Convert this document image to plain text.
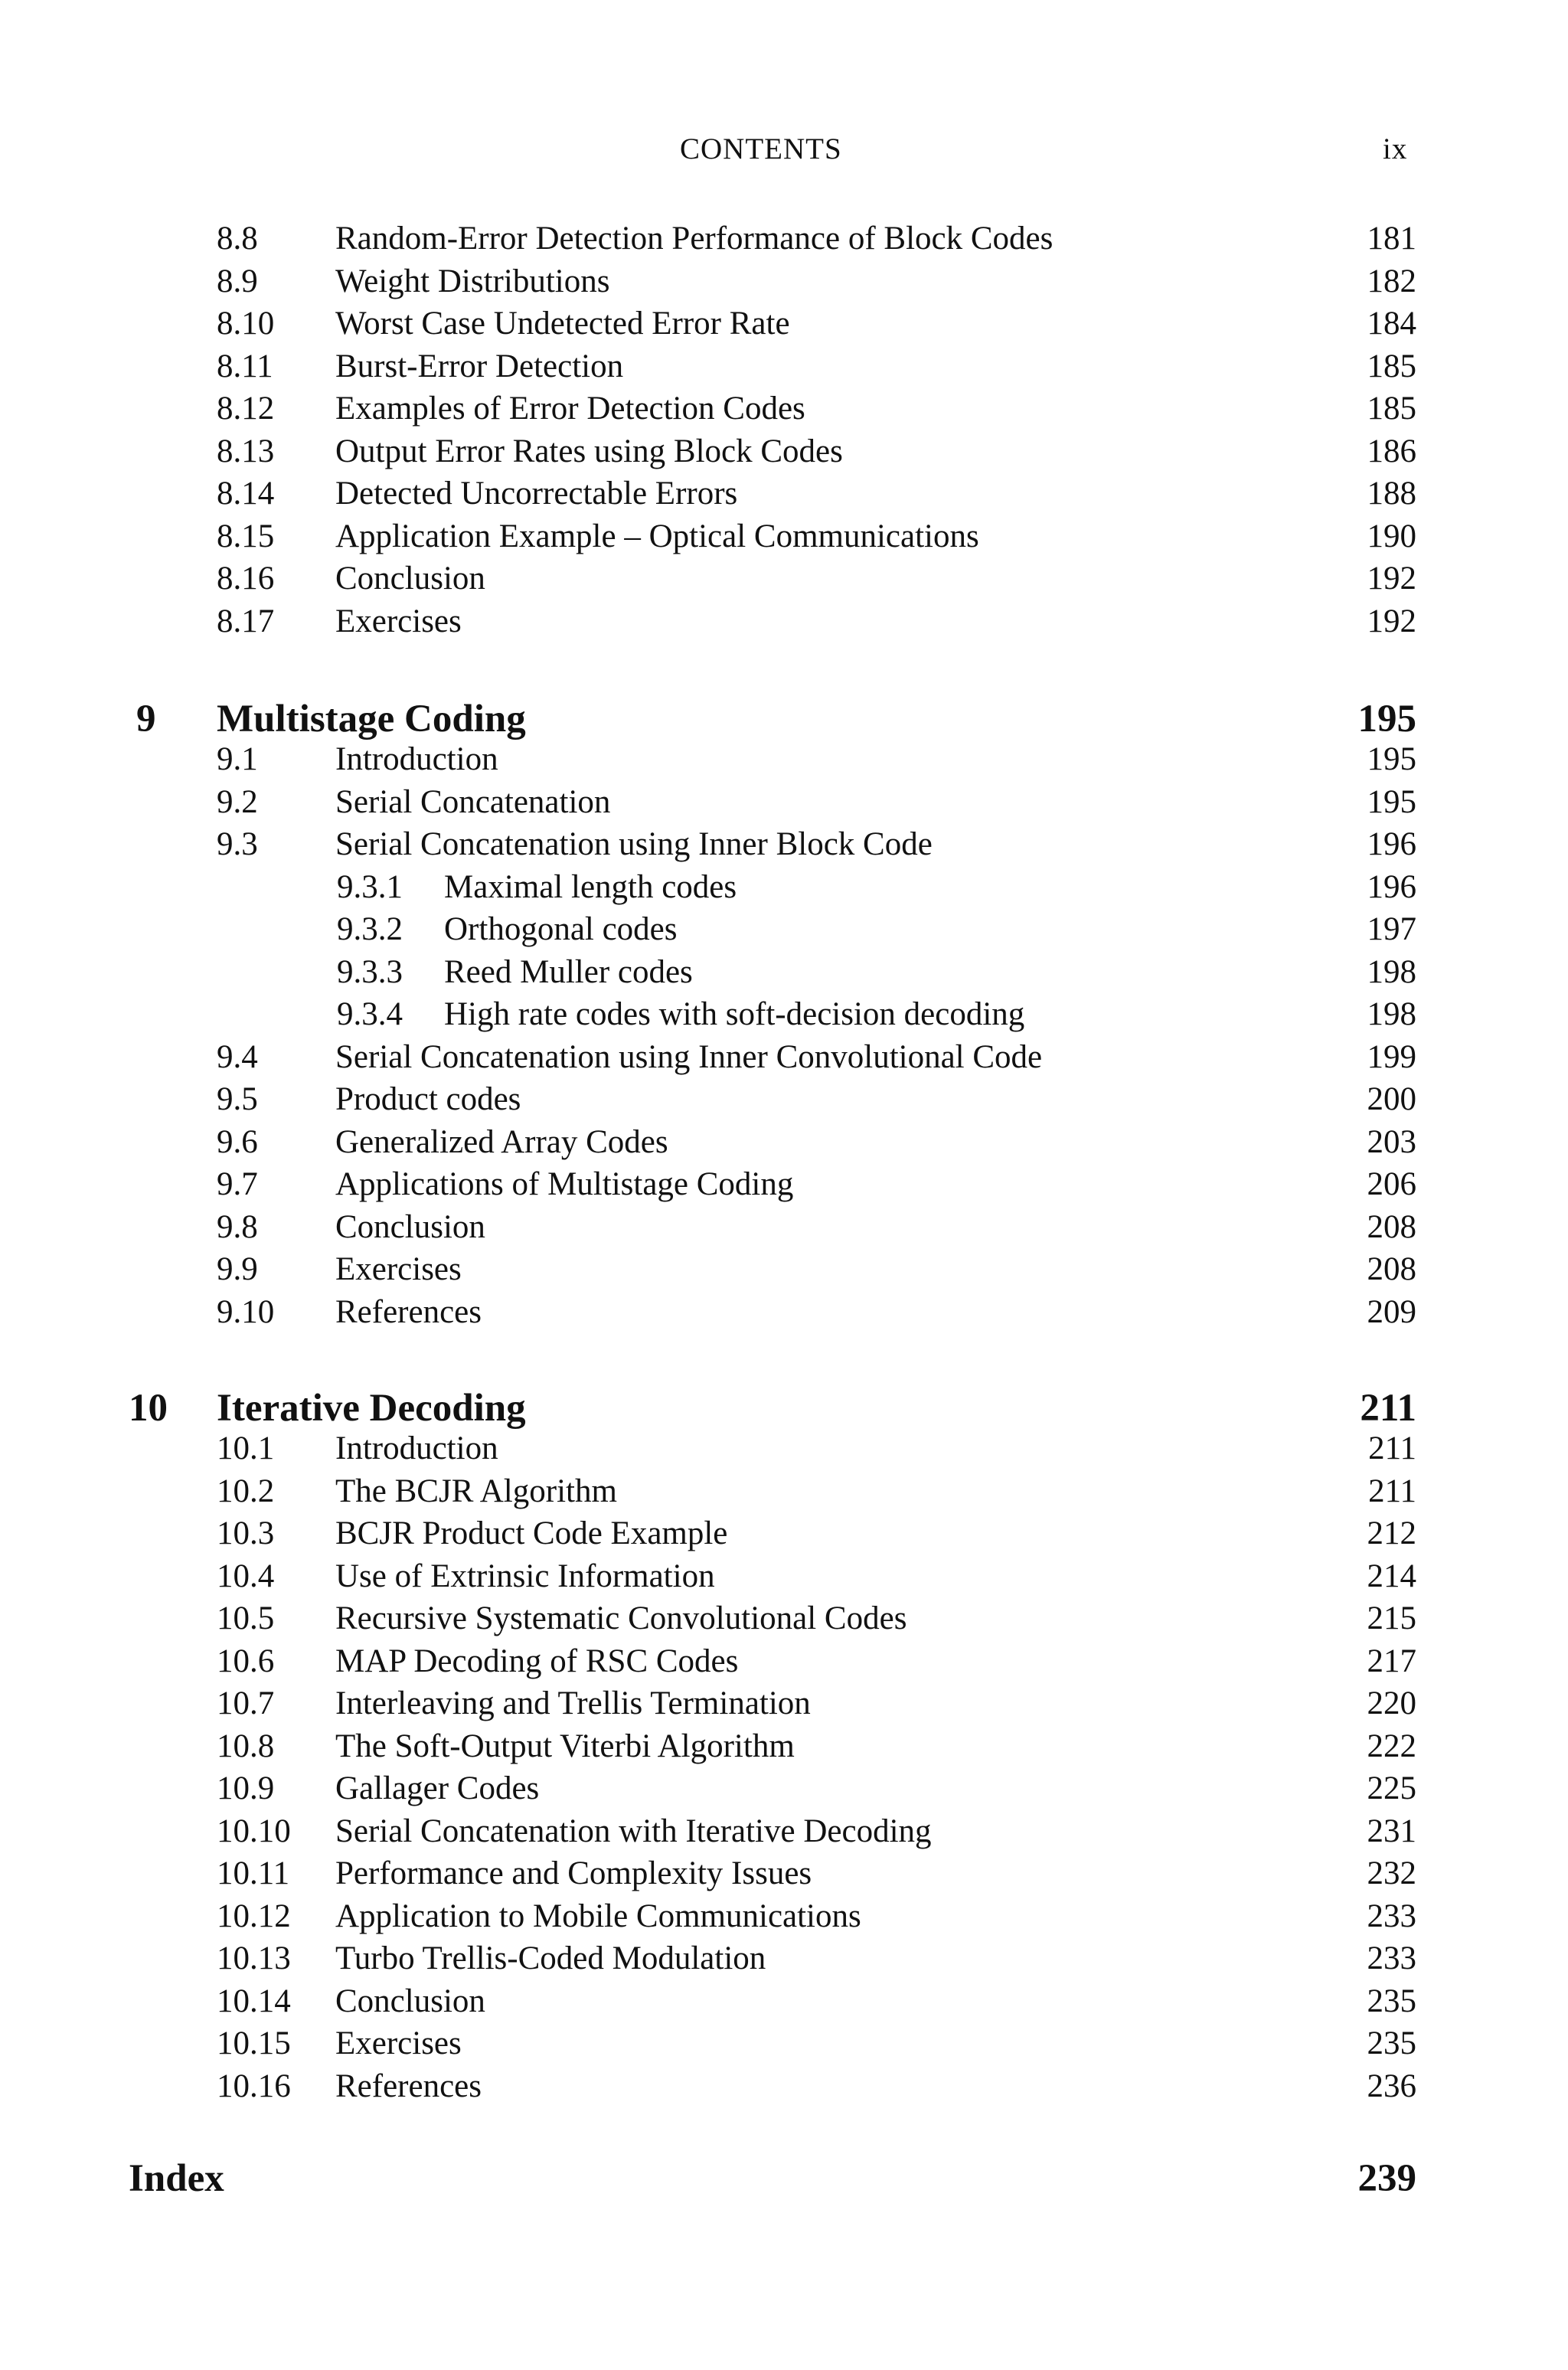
CONTENTS	ix
8.8 Random-Error Detection Performance of Block Codes	181
8.9 Weight Distributions	182
8.10 Worst Case Undetected Error Rate	184
8.11 Burst-Error Detection	185
8.12 Examples of Error Detection Codes	185
8.13 Output Error Rates using Block Codes	186
8.14 Detected Uncorrectable Errors	188
8.15 Application Example – Optical Communications	190
8.16 Conclusion	192
8.17 Exercises	192
9 Multistage Coding	195
9.1 Introduction	195
9.2 Serial Concatenation	195
9.3 Serial Concatenation using Inner Block Code	196
9.3.1 Maximal length codes	196
9.3.2 Orthogonal codes	197
9.3.3 Reed Muller codes	198
9.3.4 High rate codes with soft-decision decoding	198
9.4 Serial Concatenation using Inner Convolutional Code	199
9.5 Product codes	200
9.6 Generalized Array Codes	203
9.7 Applications of Multistage Coding	206
9.8 Conclusion	208
9.9 Exercises	208
9.10 References	209
10 Iterative Decoding	211
10.1 Introduction	211
10.2 The BCJR Algorithm	211
10.3 BCJR Product Code Example	212
10.4 Use of Extrinsic Information	214
10.5 Recursive Systematic Convolutional Codes	215
10.6 MAP Decoding of RSC Codes	217
10.7 Interleaving and Trellis Termination	220
10.8 The Soft-Output Viterbi Algorithm	222
10.9 Gallager Codes	225
10.10 Serial Concatenation with Iterative Decoding	231
10.11 Performance and Complexity Issues	232
10.12 Application to Mobile Communications	233
10.13 Turbo Trellis-Coded Modulation	233
10.14 Conclusion	235
10.15 Exercises	235
10.16 References	236
Index	239
